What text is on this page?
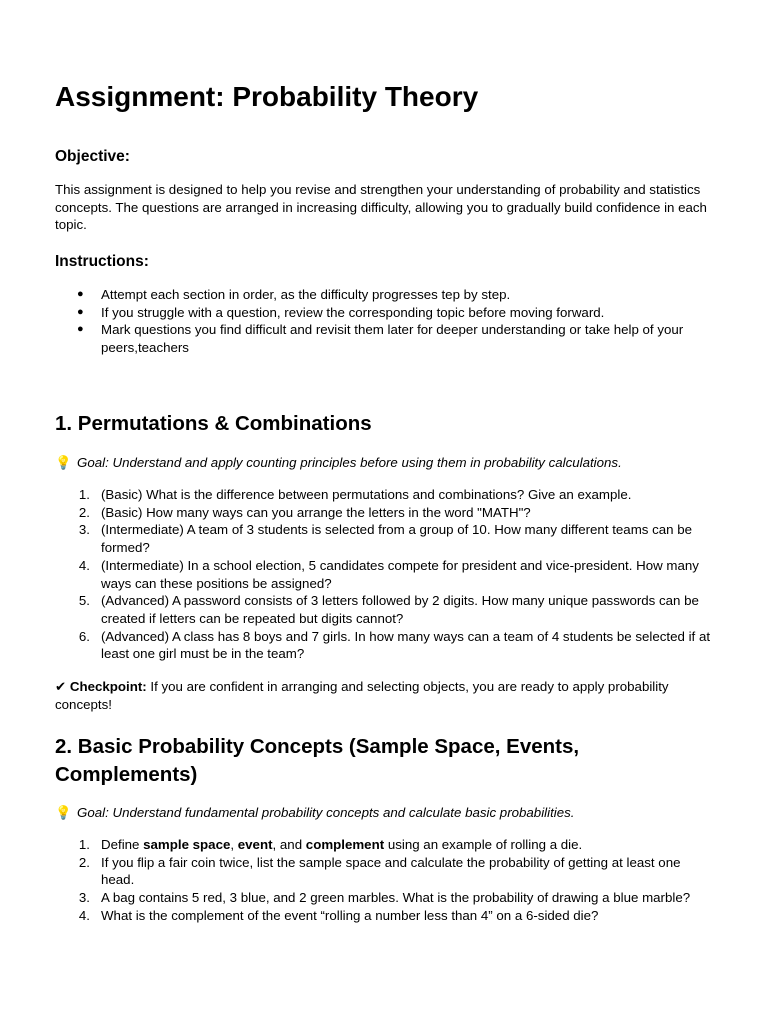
Assignment: Probability Theory
Objective:

This assignment is designed to help you revise and strengthen your understanding of probability and statistics concepts. The questions are arranged in increasing difficulty, allowing you to gradually build confidence in each topic.

Instructions:
● Attempt each section in order, as the difficulty progresses tep by step.
● If you struggle with a question, review the corresponding topic before moving forward.
● Mark questions you find difficult and revisit them later for deeper understanding or take help of your peers,teachers
1. Permutations & Combinations

💡 Goal: Understand and apply counting principles before using them in probability calculations.

1. (Basic) What is the difference between permutations and combinations? Give an example.
2. (Basic) How many ways can you arrange the letters in the word "MATH"?
3. (Intermediate) A team of 3 students is selected from a group of 10. How many different teams can be formed?
4. (Intermediate) In a school election, 5 candidates compete for president and vice-president. How many ways can these positions be assigned?
5. (Advanced) A password consists of 3 letters followed by 2 digits. How many unique passwords can be created if letters can be repeated but digits cannot?
6. (Advanced) A class has 8 boys and 7 girls. In how many ways can a team of 4 students be selected if at least one girl must be in the team?

✔ Checkpoint: If you are confident in arranging and selecting objects, you are ready to apply probability concepts!

2. Basic Probability Concepts (Sample Space, Events, Complements)

💡 Goal: Understand fundamental probability concepts and calculate basic probabilities.

1. Define sample space, event, and complement using an example of rolling a die.
2. If you flip a fair coin twice, list the sample space and calculate the probability of getting at least one head.
3. A bag contains 5 red, 3 blue, and 2 green marbles. What is the probability of drawing a blue marble?
4. What is the complement of the event “rolling a number less than 4” on a 6-sided die?
